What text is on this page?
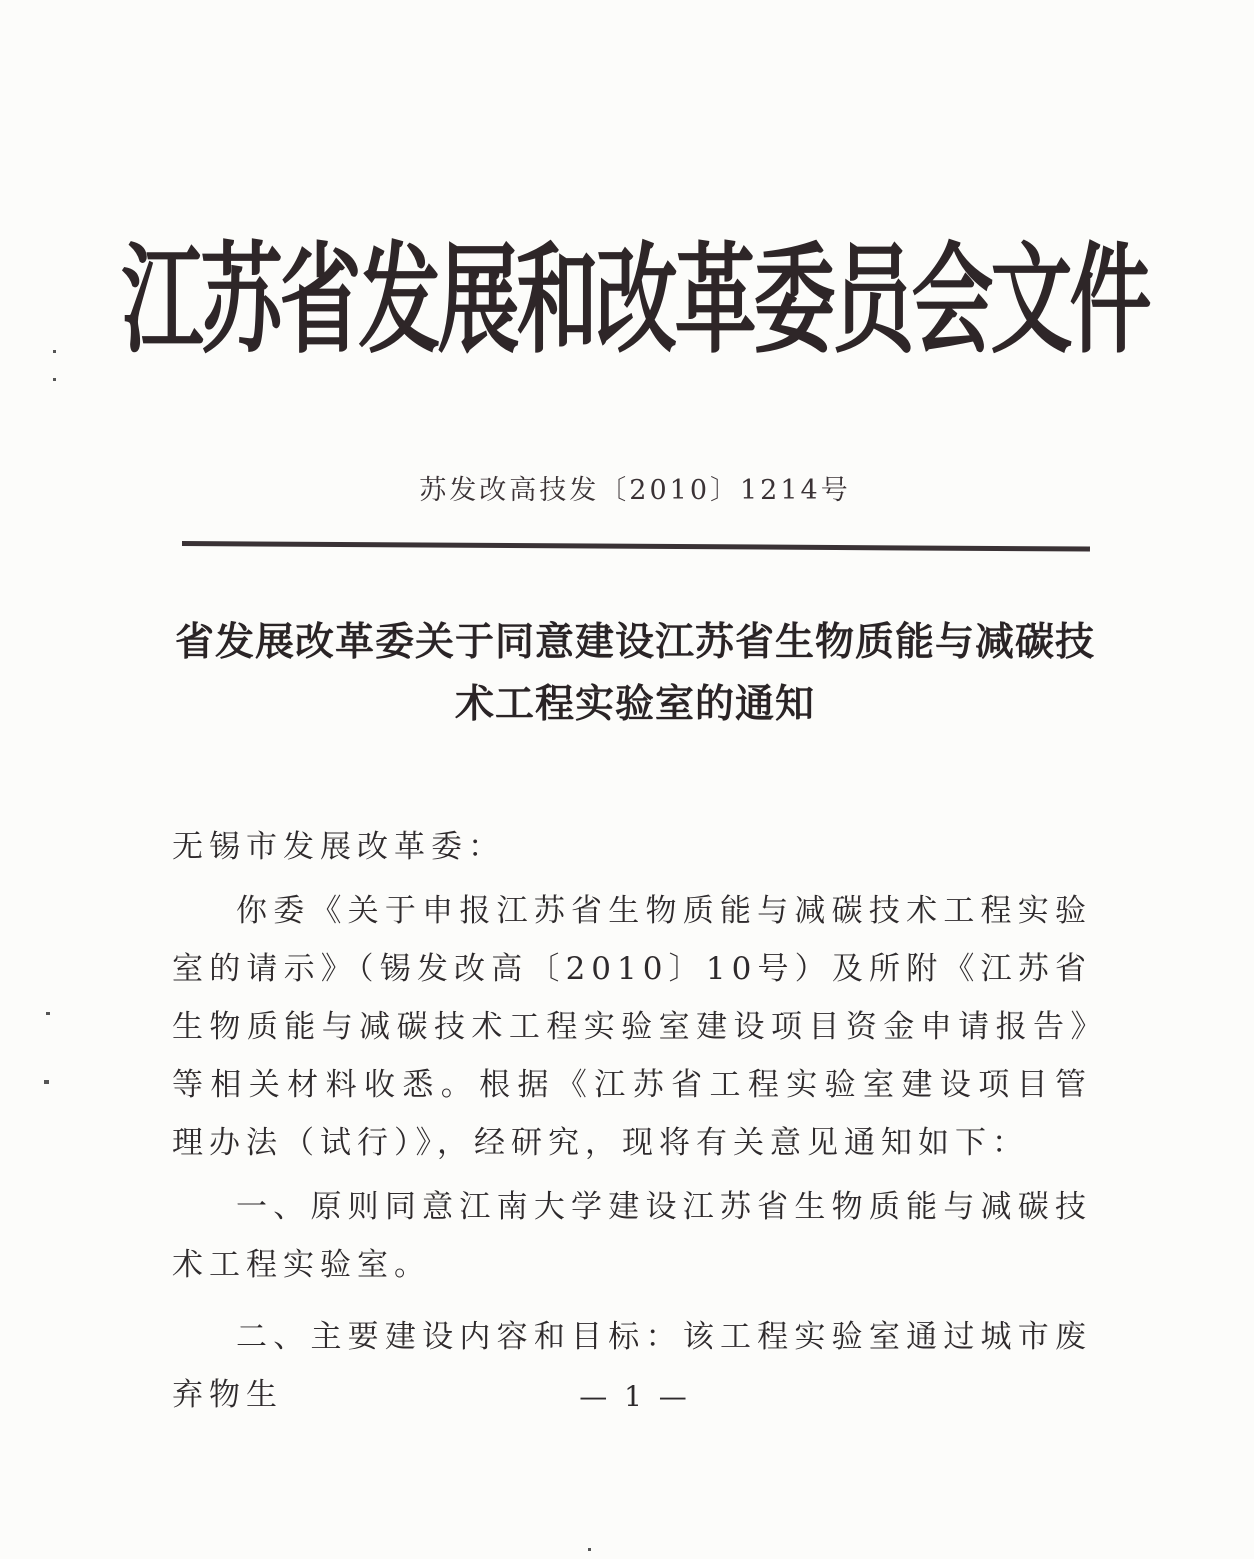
江苏省发展和改革委员会文件
苏发改高技发〔2010〕1214号
省发展改革委关于同意建设江苏省生物质能与减碳技术工程实验室的通知

无锡市发展改革委：

你委《关于申报江苏省生物质能与减碳技术工程实验室的请示》（锡发改高〔2010〕10号）及所附《江苏省生物质能与减碳技术工程实验室建设项目资金申请报告》等相关材料收悉。根据《江苏省工程实验室建设项目管理办法（试行）》，经研究，现将有关意见通知如下：

一、原则同意江南大学建设江苏省生物质能与减碳技术工程实验室。

二、主要建设内容和目标：该工程实验室通过城市废弃物生	— 1 —
